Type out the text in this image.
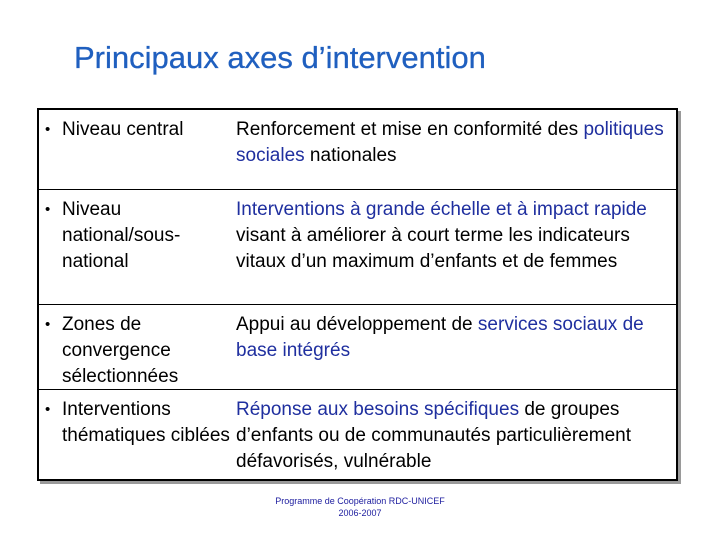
Principaux axes d’intervention
• Niveau central	Renforcement et mise en conformité des politiques sociales nationales
• Niveau national/sous-national
Interventions à grande échelle et à impact rapide visant à améliorer à court terme les indicateurs vitaux d’un maximum d’enfants et de femmes
• Zones de convergence sélectionnées
Appui au développement de services sociaux de base intégrés
• Interventions thématiques ciblées
Réponse aux besoins spécifiques de groupes d’enfants ou de communautés particulièrement défavorisés, vulnérable
Programme de Coopération RDC-UNICEF
2006-2007
